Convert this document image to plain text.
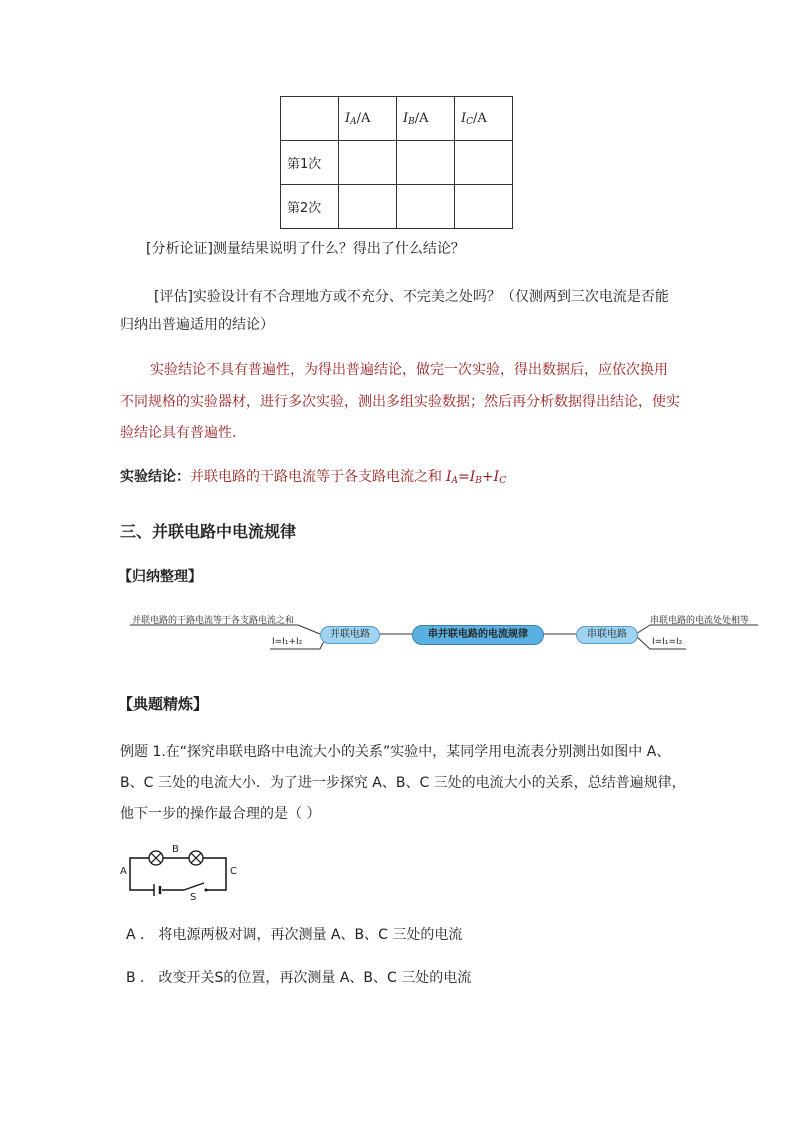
	$I_A/A$	$I_B/A$	$I_C/A$
第1次			
第2次			
[分析论证]测量结果说明了什么？得出了什么结论？
[评估]实验设计有不合理地方或不充分、不完美之处吗？（仅测两到三次电流是否能
归纳出普遍适用的结论）
实验结论不具有普遍性，为得出普遍结论，做完一次实验，得出数据后，应依次换用
不同规格的实验器材，进行多次实验，测出多组实验数据；然后再分析数据得出结论，使实
验结论具有普遍性．
实验结论：并联电路的干路电流等于各支路电流之和 $I_A=I_B+I_C$
三、并联电路中电流规律
【归纳整理】
并联电路的干路电流等于各支路电流之和
I=I₁+I₂
并联电路	串并联电路的电流规律	串联电路
串联电路的电流处处相等
I=I₁=I₂
【典题精炼】
例题 1.在“探究串联电路中电流大小的关系”实验中，某同学用电流表分别测出如图中 A、
B、C 三处的电流大小．为了进一步探究 A、B、C 三处的电流大小的关系，总结普遍规律，
他下一步的操作最合理的是（ ）
A
B
C
S
A ． 将电源两极对调，再次测量 A、B、C 三处的电流
B ． 改变开关S的位置，再次测量 A、B、C 三处的电流
